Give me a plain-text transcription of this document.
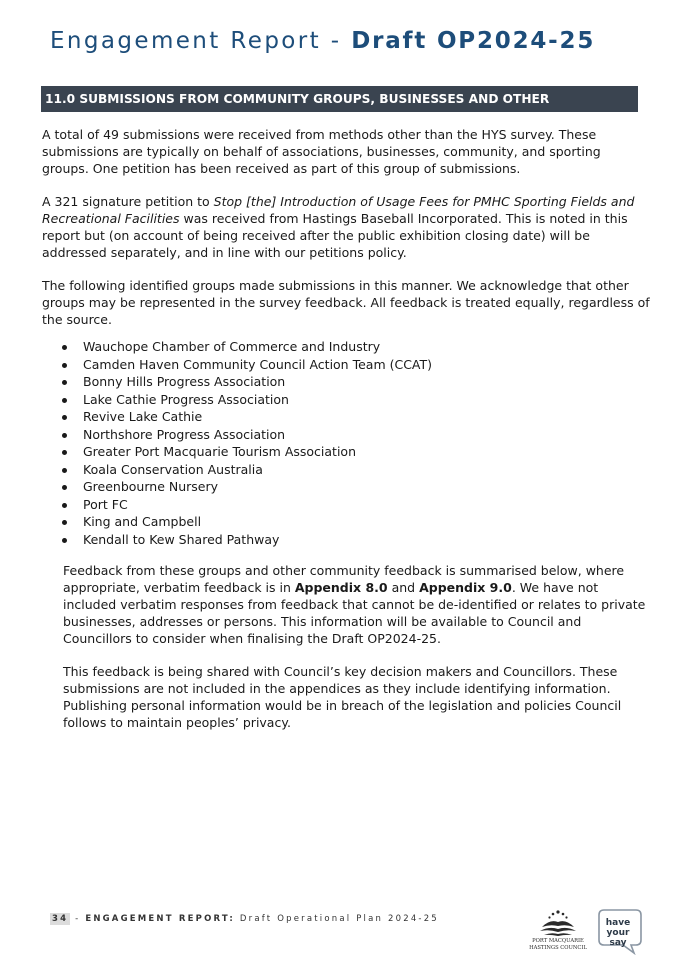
Engagement Report - Draft OP2024-25
11.0 SUBMISSIONS FROM COMMUNITY GROUPS, BUSINESSES AND OTHER

A total of 49 submissions were received from methods other than the HYS survey. These submissions are typically on behalf of associations, businesses, community, and sporting groups. One petition has been received as part of this group of submissions.

A 321 signature petition to Stop [the] Introduction of Usage Fees for PMHC Sporting Fields and Recreational Facilities was received from Hastings Baseball Incorporated. This is noted in this report but (on account of being received after the public exhibition closing date) will be addressed separately, and in line with our petitions policy.

The following identified groups made submissions in this manner. We acknowledge that other groups may be represented in the survey feedback. All feedback is treated equally, regardless of the source.

Wauchope Chamber of Commerce and Industry
Camden Haven Community Council Action Team (CCAT)
Bonny Hills Progress Association
Lake Cathie Progress Association
Revive Lake Cathie
Northshore Progress Association
Greater Port Macquarie Tourism Association
Koala Conservation Australia
Greenbourne Nursery
Port FC
King and Campbell
Kendall to Kew Shared Pathway

Feedback from these groups and other community feedback is summarised below, where appropriate, verbatim feedback is in Appendix 8.0 and Appendix 9.0. We have not included verbatim responses from feedback that cannot be de-identified or relates to private businesses, addresses or persons. This information will be available to Council and Councillors to consider when finalising the Draft OP2024-25.

This feedback is being shared with Council’s key decision makers and Councillors. These submissions are not included in the appendices as they include identifying information. Publishing personal information would be in breach of the legislation and policies Council follows to maintain peoples’ privacy.

34 - ENGAGEMENT REPORT: Draft Operational Plan 2024-25
PORT MACQUARIE
HASTINGS COUNCIL
have
your say
